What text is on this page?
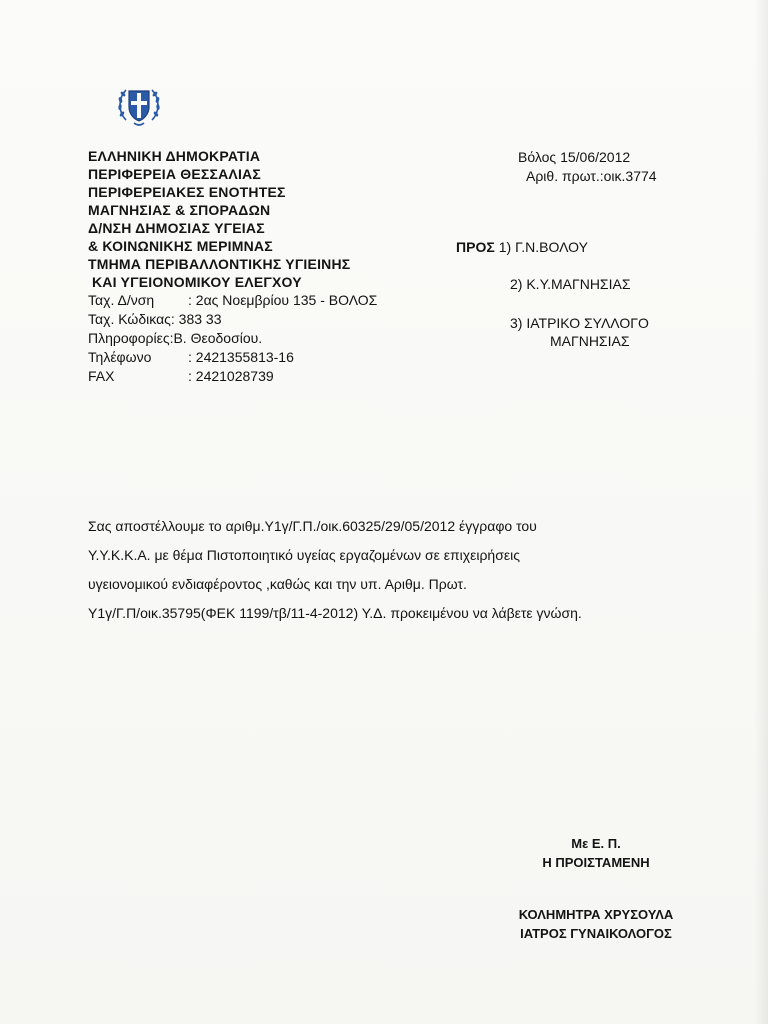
ΕΛΛΗΝΙΚΗ ΔΗΜΟΚΡΑΤΙΑ
ΠΕΡΙΦΕΡΕΙΑ ΘΕΣΣΑΛΙΑΣ
ΠΕΡΙΦΕΡΕΙΑΚΕΣ ΕΝΟΤΗΤΕΣ
ΜΑΓΝΗΣΙΑΣ & ΣΠΟΡΑΔΩΝ
Δ/ΝΣΗ ΔΗΜΟΣΙΑΣ ΥΓΕΙΑΣ
& ΚΟΙΝΩΝΙΚΗΣ ΜΕΡΙΜΝΑΣ
ΤΜΗΜΑ ΠΕΡΙΒΑΛΛΟΝΤΙΚΗΣ ΥΓΙΕΙΝΗΣ
ΚΑΙ ΥΓΕΙΟΝΟΜΙΚΟΥ ΕΛΕΓΧΟΥ
Ταχ. Δ/νση	: 2ας Νοεμβρίου 135 - ΒΟΛΟΣ
Ταχ. Κώδικας: 383 33
Πληροφορίες: Β. Θεοδοσίου.
Τηλέφωνο	: 2421355813-16
FAX	: 2421028739
Βόλος 15/06/2012
Αριθ. πρωτ.:οικ.3774
ΠΡΟΣ 1) Γ.Ν.ΒΟΛΟΥ
2) Κ.Υ.ΜΑΓΝΗΣΙΑΣ
3) ΙΑΤΡΙΚΟ ΣΥΛΛΟΓΟ
ΜΑΓΝΗΣΙΑΣ

Σας αποστέλλουμε το αριθμ.Υ1γ/Γ.Π./οικ.60325/29/05/2012 έγγραφο του

Υ.Υ.Κ.Κ.Α. με θέμα Πιστοποιητικό υγείας εργαζομένων σε επιχειρήσεις

υγειονομικού ενδιαφέροντος ,καθώς και την υπ. Αριθμ. Πρωτ.

Υ1γ/Γ.Π/οικ.35795(ΦΕΚ 1199/τβ/11-4-2012) Υ.Δ. προκειμένου να λάβετε γνώση.

Με Ε. Π.
Η ΠΡΟΙΣΤΑΜΕΝΗ
ΚΟΛΗΜΗΤΡΑ ΧΡΥΣΟΥΛΑ
ΙΑΤΡΟΣ ΓΥΝΑΙΚΟΛΟΓΟΣ
